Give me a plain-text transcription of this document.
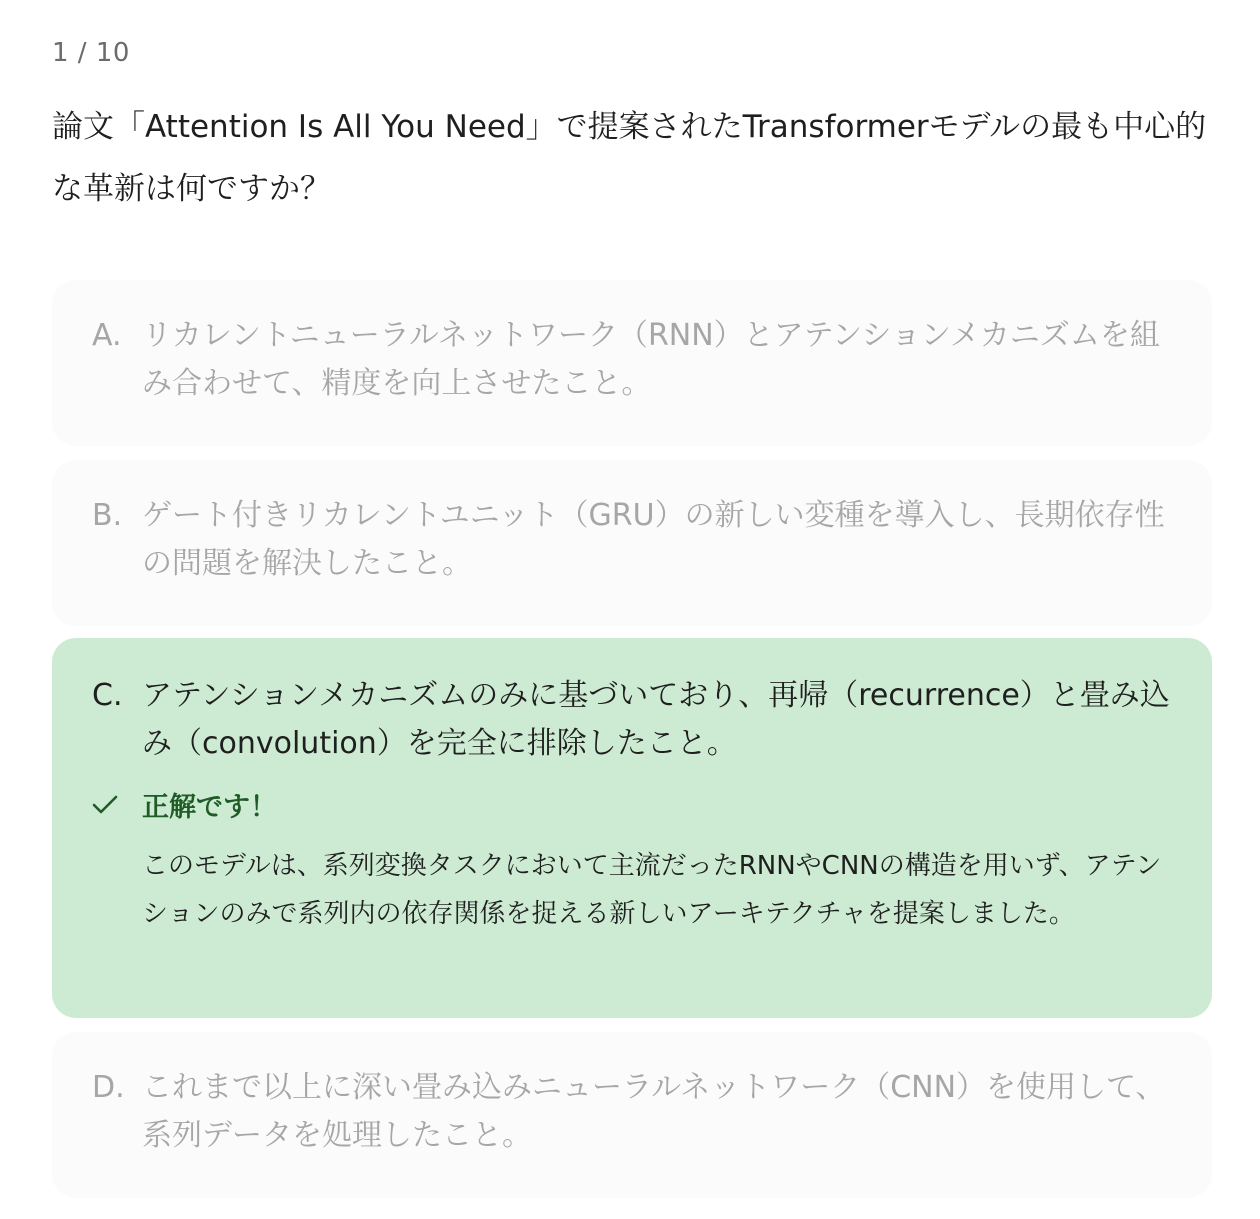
1 / 10
論文「Attention Is All You Need」で提案されたTransformerモデルの最も中心的な革新は何ですか？
A. リカレントニューラルネットワーク（RNN）とアテンションメカニズムを組み合わせて、精度を向上させたこと。
B. ゲート付きリカレントユニット（GRU）の新しい変種を導入し、長期依存性の問題を解決したこと。
C. アテンションメカニズムのみに基づいており、再帰（recurrence）と畳み込み（convolution）を完全に排除したこと。
正解です！
このモデルは、系列変換タスクにおいて主流だったRNNやCNNの構造を用いず、アテンションのみで系列内の依存関係を捉える新しいアーキテクチャを提案しました。
D. これまで以上に深い畳み込みニューラルネットワーク（CNN）を使用して、系列データを処理したこと。
